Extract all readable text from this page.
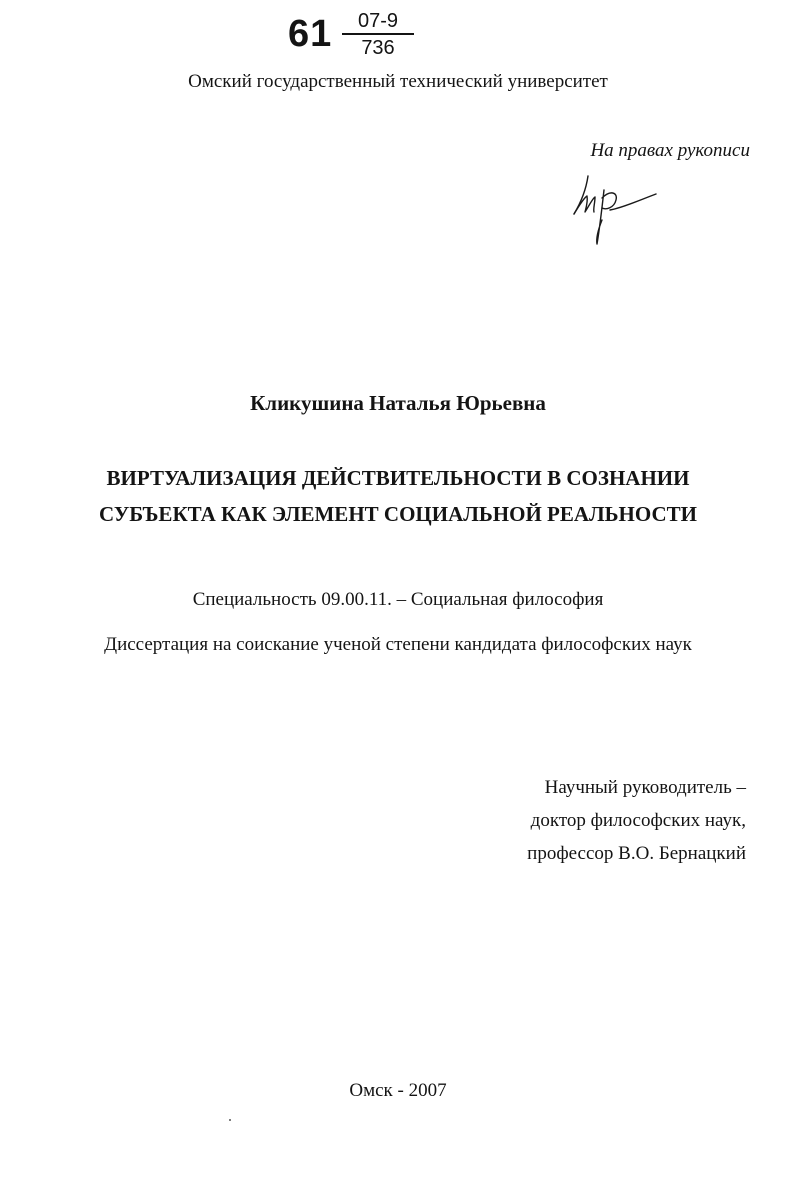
61	07-9
736
Омский государственный технический университет
На правах рукописи
Кликушина Наталья Юрьевна
ВИРТУАЛИЗАЦИЯ ДЕЙСТВИТЕЛЬНОСТИ В СОЗНАНИИ
СУБЪЕКТА КАК ЭЛЕМЕНТ СОЦИАЛЬНОЙ РЕАЛЬНОСТИ
Специальность 09.00.11. – Социальная философия
Диссертация на соискание ученой степени кандидата философских наук
Научный руководитель –
доктор философских наук,
профессор В.О. Бернацкий
Омск - 2007
